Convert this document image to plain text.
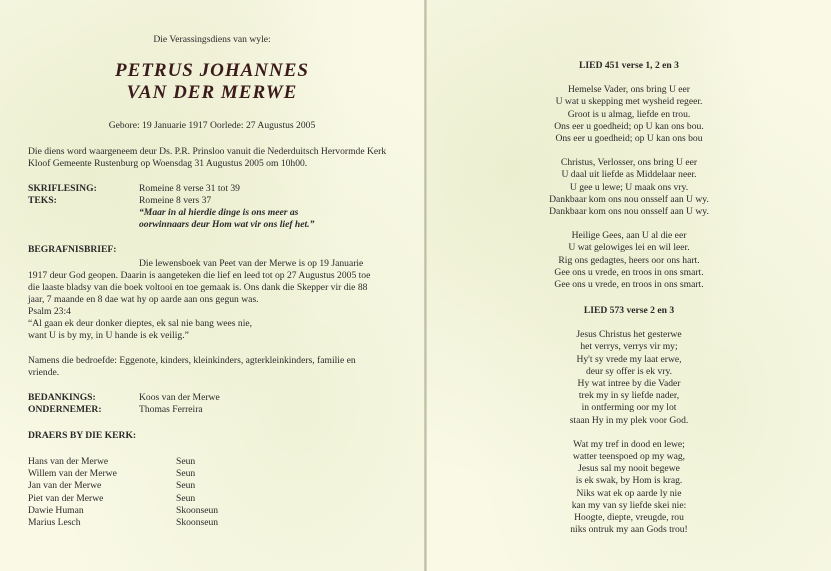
Die Verassingsdiens van wyle:
PETRUS JOHANNES
VAN DER MERWE
Gebore: 19 Januarie 1917 Oorlede: 27 Augustus 2005
Die diens word waargeneem deur Ds. P.R. Prinsloo vanuit die Nederduitsch Hervormde Kerk Kloof Gemeente Rustenburg op Woensdag 31 Augustus 2005 om 10h00.
SKRIFLESING:	Romeine 8 verse 31 tot 39
TEKS:	Romeine 8 vers 37
“Maar in al hierdie dinge is ons meer as
oorwinnaars deur Hom wat vir ons lief het.”
BEGRAFNISBRIEF:
Die lewensboek van Peet van der Merwe is op 19 Januarie
1917 deur God geopen. Daarin is aangeteken die lief en leed tot op 27 Augustus 2005 toe
die laaste bladsy van die boek voltooi en toe gemaak is. Ons dank die Skepper vir die 88
jaar, 7 maande en 8 dae wat hy op aarde aan ons gegun was.
Psalm 23:4
“Al gaan ek deur donker dieptes, ek sal nie bang wees nie,
want U is by my, in U hande is ek veilig.”
Namens die bedroefde: Eggenote, kinders, kleinkinders, agterkleinkinders, familie en
vriende.
BEDANKINGS:	Koos van der Merwe
ONDERNEMER:	Thomas Ferreira
DRAERS BY DIE KERK:
Hans van der Merwe	Seun
Willem van der Merwe	Seun
Jan van der Merwe	Seun
Piet van der Merwe	Seun
Dawie Human	Skoonseun
Marius Lesch	Skoonseun
LIED 451 verse 1, 2 en 3
Hemelse Vader, ons bring U eer
U wat u skepping met wysheid regeer.
Groot is u almag, liefde en trou.
Ons eer u goedheid; op U kan ons bou.
Ons eer u goedheid; op U kan ons bou
Christus, Verlosser, ons bring U eer
U daal uit liefde as Middelaar neer.
U gee u lewe; U maak ons vry.
Dankbaar kom ons nou onsself aan U wy.
Dankbaar kom ons nou onsself aan U wy.
Heilige Gees, aan U al die eer
U wat gelowiges lei en wil leer.
Rig ons gedagtes, heers oor ons hart.
Gee ons u vrede, en troos in ons smart.
Gee ons u vrede, en troos in ons smart.
LIED 573 verse 2 en 3
Jesus Christus het gesterwe
het verrys, verrys vir my;
Hy't sy vrede my laat erwe,
deur sy offer is ek vry.
Hy wat intree by die Vader
trek my in sy liefde nader,
in ontferming oor my lot
staan Hy in my plek voor God.
Wat my tref in dood en lewe;
watter teenspoed op my wag,
Jesus sal my nooit begewe
is ek swak, by Hom is krag.
Niks wat ek op aarde ly nie
kan my van sy liefde skei nie:
Hoogte, diepte, vreugde, rou
niks ontruk my aan Gods trou!
